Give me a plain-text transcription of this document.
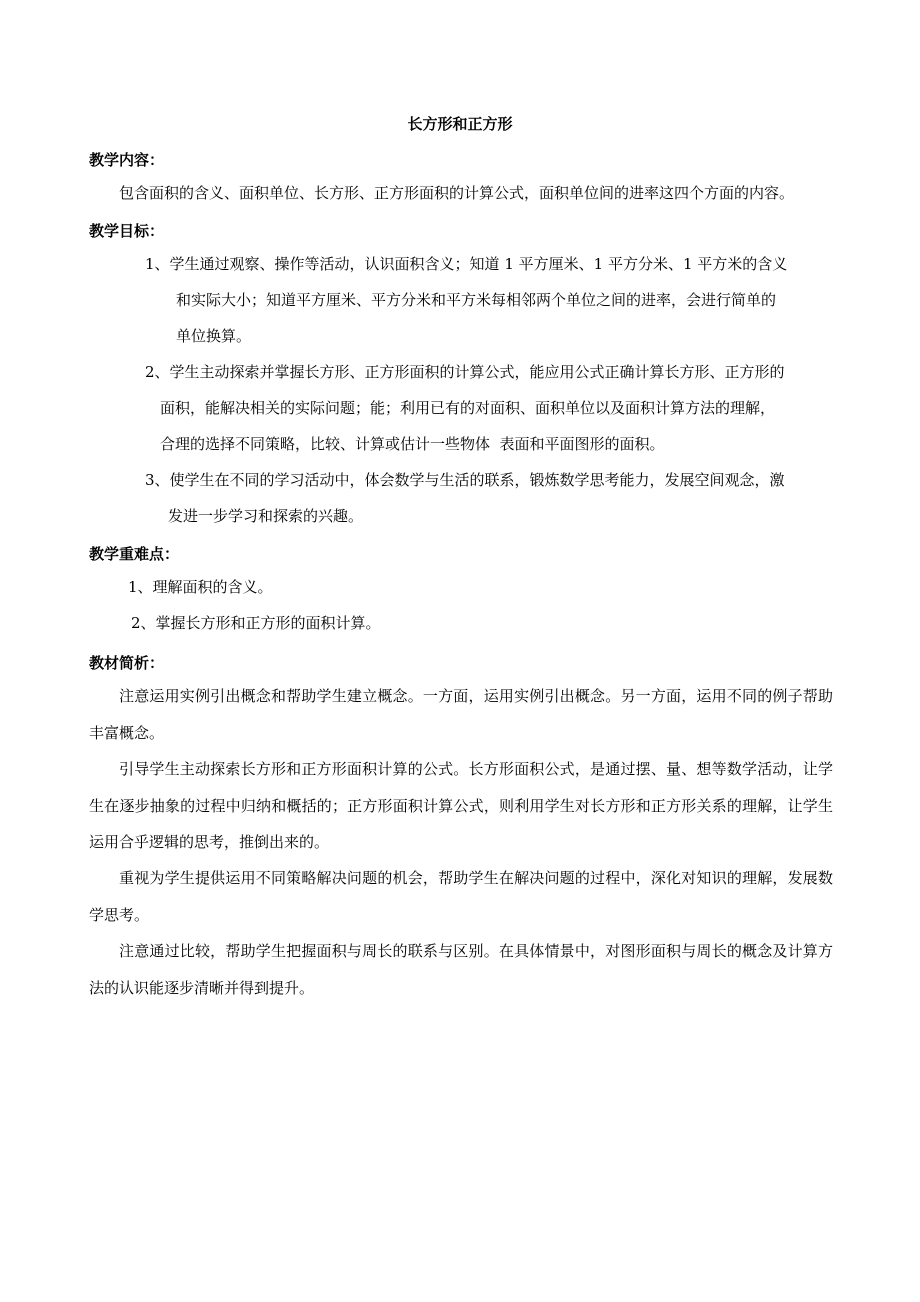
长方形和正方形
教学内容：

包含面积的含义、面积单位、长方形、正方形面积的计算公式，面积单位间的进率这四个方面的内容。

教学目标：

1、学生通过观察、操作等活动，认识面积含义；知道 1 平方厘米、1 平方分米、1 平方米的含义

和实际大小；知道平方厘米、平方分米和平方米每相邻两个单位之间的进率，会进行简单的

单位换算。

2、学生主动探索并掌握长方形、正方形面积的计算公式，能应用公式正确计算长方形、正方形的

面积，能解决相关的实际问题；能；利用已有的对面积、面积单位以及面积计算方法的理解，

合理的选择不同策略，比较、计算或估计一些物体  表面和平面图形的面积。

3、使学生在不同的学习活动中，体会数学与生活的联系，锻炼数学思考能力，发展空间观念，激

发进一步学习和探索的兴趣。

教学重难点：

1、理解面积的含义。

2、掌握长方形和正方形的面积计算。

教材简析：

注意运用实例引出概念和帮助学生建立概念。一方面，运用实例引出概念。另一方面，运用不同的例子帮助丰富概念。

引导学生主动探索长方形和正方形面积计算的公式。长方形面积公式，是通过摆、量、想等数学活动，让学生在逐步抽象的过程中归纳和概括的；正方形面积计算公式，则利用学生对长方形和正方形关系的理解，让学生运用合乎逻辑的思考，推倒出来的。

重视为学生提供运用不同策略解决问题的机会，帮助学生在解决问题的过程中，深化对知识的理解，发展数学思考。

注意通过比较，帮助学生把握面积与周长的联系与区别。在具体情景中，对图形面积与周长的概念及计算方法的认识能逐步清晰并得到提升。
